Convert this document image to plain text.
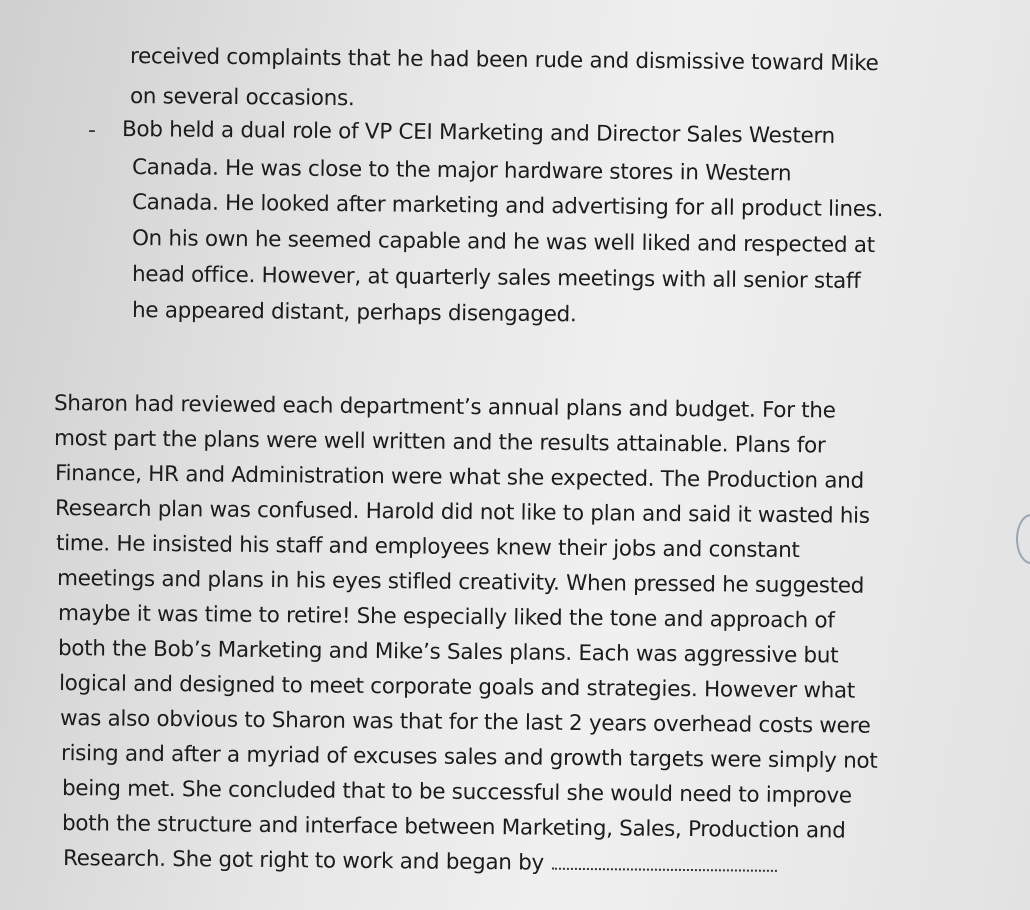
received complaints that he had been rude and dismissive toward Mike
on several occasions.
- Bob held a dual role of VP CEI Marketing and Director Sales Western
Canada. He was close to the major hardware stores in Western
Canada. He looked after marketing and advertising for all product lines.
On his own he seemed capable and he was well liked and respected at
head office. However, at quarterly sales meetings with all senior staff
he appeared distant, perhaps disengaged.
Sharon had reviewed each department’s annual plans and budget. For the
most part the plans were well written and the results attainable. Plans for
Finance, HR and Administration were what she expected. The Production and
Research plan was confused. Harold did not like to plan and said it wasted his
time. He insisted his staff and employees knew their jobs and constant
meetings and plans in his eyes stifled creativity. When pressed he suggested
maybe it was time to retire! She especially liked the tone and approach of
both the Bob’s Marketing and Mike’s Sales plans. Each was aggressive but
logical and designed to meet corporate goals and strategies. However what
was also obvious to Sharon was that for the last 2 years overhead costs were
rising and after a myriad of excuses sales and growth targets were simply not
being met. She concluded that to be successful she would need to improve
both the structure and interface between Marketing, Sales, Production and
Research. She got right to work and began by
